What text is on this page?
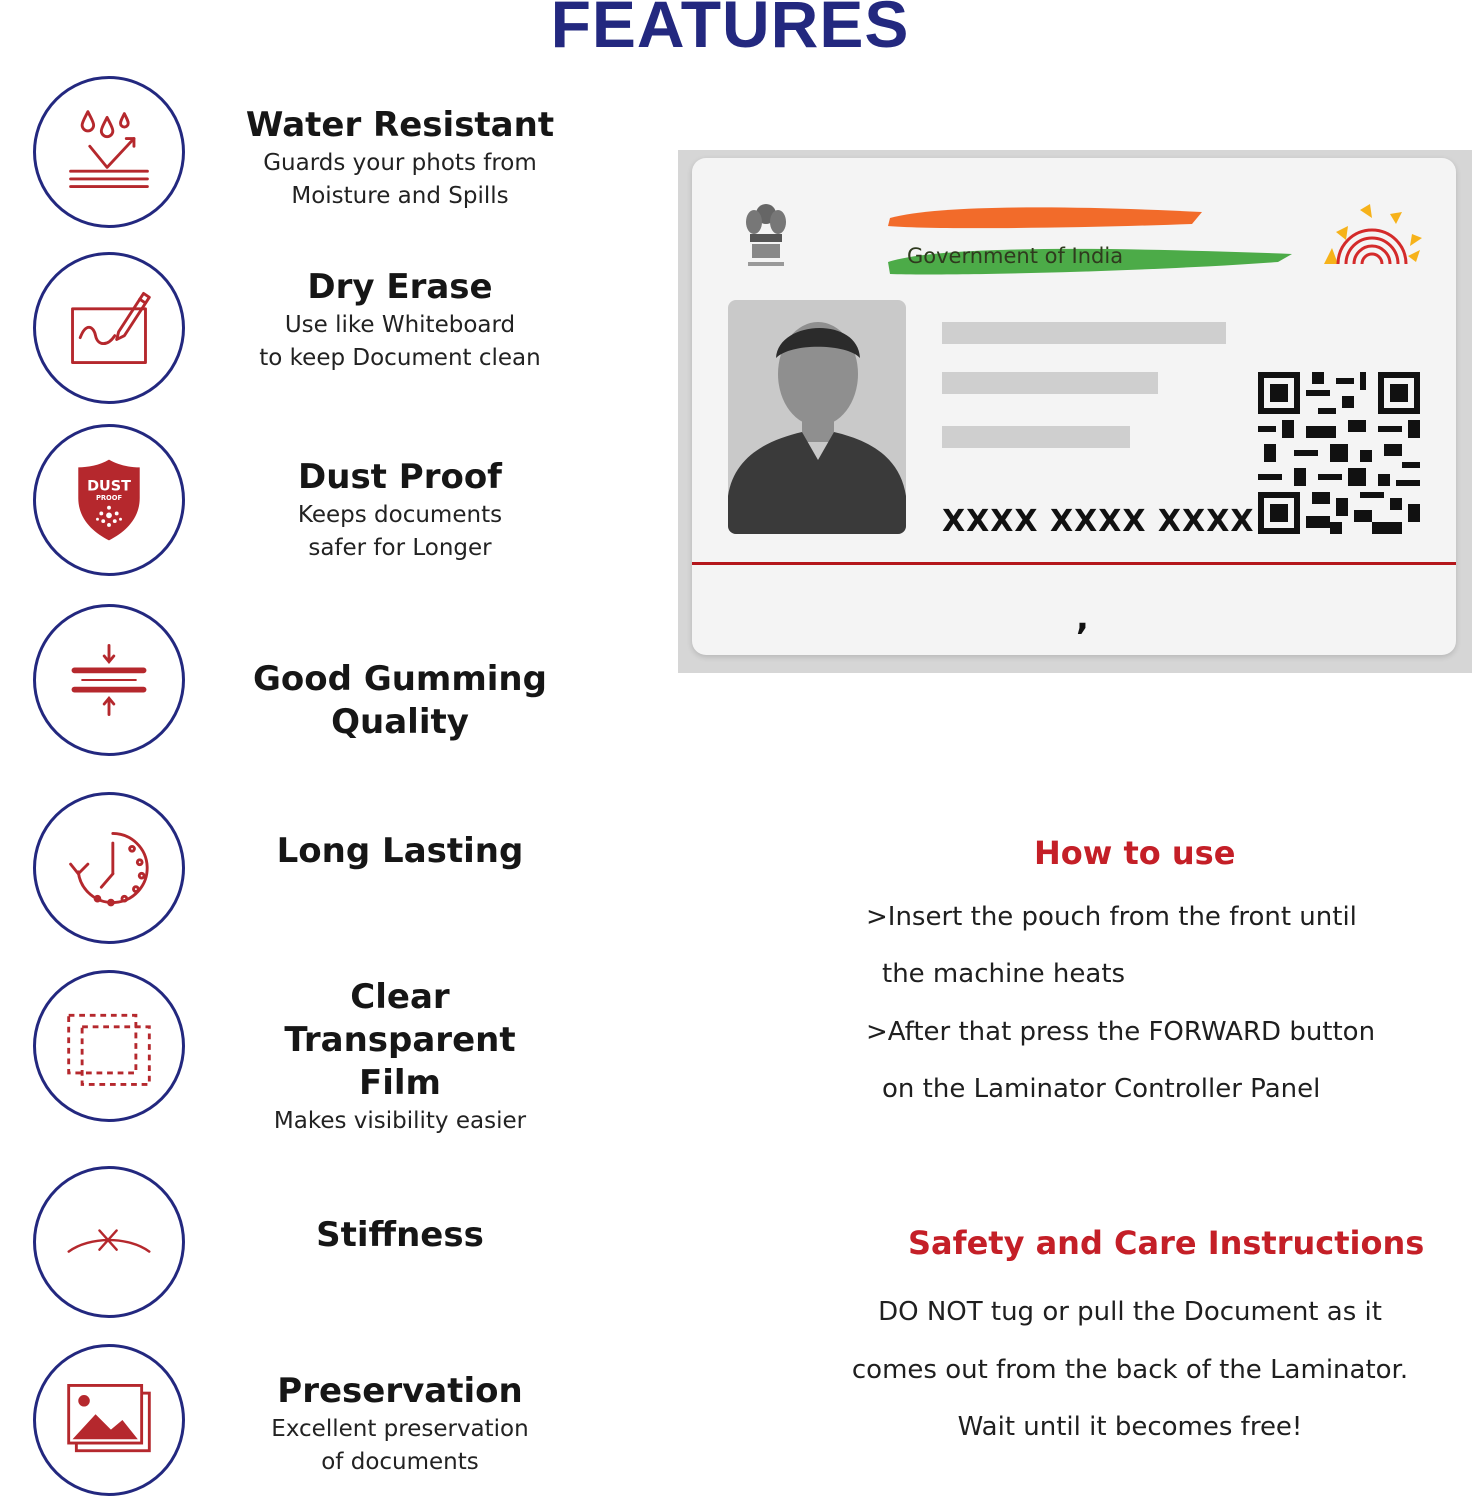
FEATURES
Water Resistant
Guards your phots from
Moisture and Spills
Dry Erase
Use like Whiteboard
to keep Document clean
DUST
PROOF
Dust Proof
Keeps documents
safer for Longer
Good Gumming
Quality
Long Lasting
Clear Transparent
Film
Makes visibility easier
Stiffness
Preservation
Excellent preservation
of documents
Government of India
XXXX XXXX XXXX
,
How to use
>Insert the pouch from the front until
the machine heats
>After that press the FORWARD button
on the Laminator Controller Panel
Safety and Care Instructions
DO NOT tug or pull the Document as it
comes out from the back of the Laminator.
Wait until it becomes free!
